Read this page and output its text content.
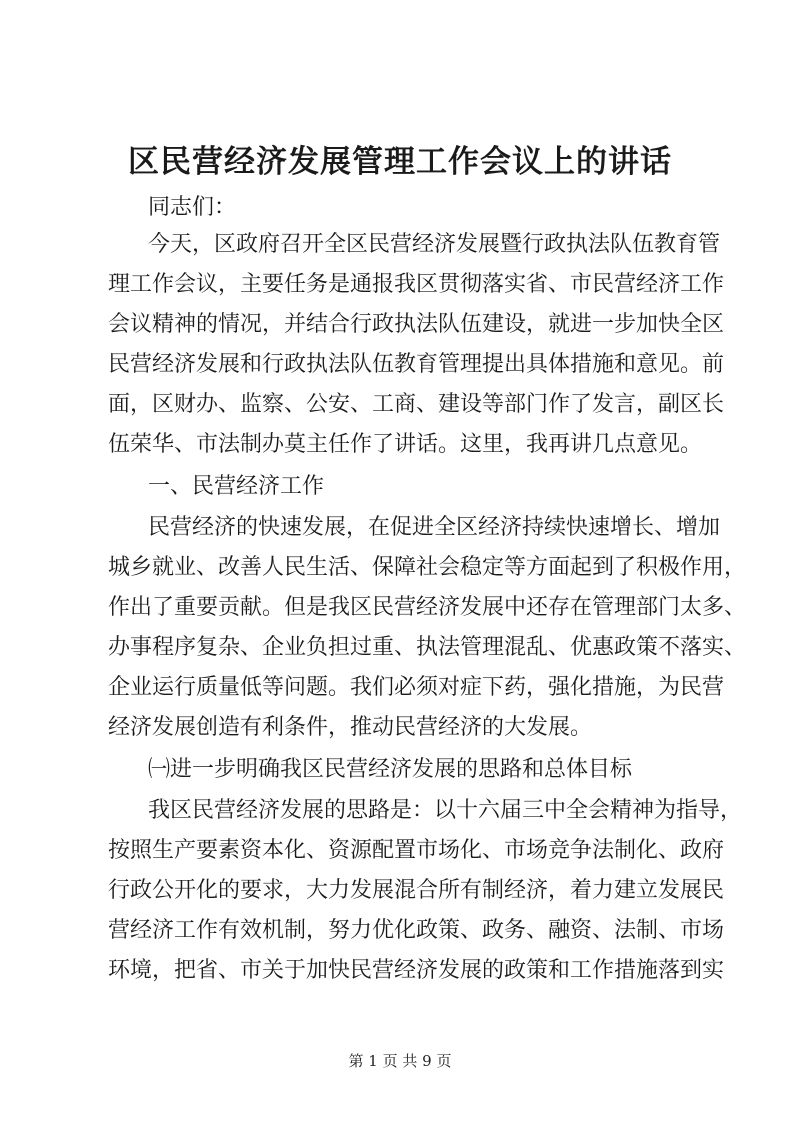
区民营经济发展管理工作会议上的讲话
同志们：
今天，区政府召开全区民营经济发展暨行政执法队伍教育管
理工作会议，主要任务是通报我区贯彻落实省、市民营经济工作
会议精神的情况，并结合行政执法队伍建设，就进一步加快全区
民营经济发展和行政执法队伍教育管理提出具体措施和意见。前
面，区财办、监察、公安、工商、建设等部门作了发言，副区长
伍荣华、市法制办莫主任作了讲话。这里，我再讲几点意见。
一、民营经济工作
民营经济的快速发展，在促进全区经济持续快速增长、增加
城乡就业、改善人民生活、保障社会稳定等方面起到了积极作用，
作出了重要贡献。但是我区民营经济发展中还存在管理部门太多、
办事程序复杂、企业负担过重、执法管理混乱、优惠政策不落实、
企业运行质量低等问题。我们必须对症下药，强化措施，为民营
经济发展创造有利条件，推动民营经济的大发展。
㈠进一步明确我区民营经济发展的思路和总体目标
我区民营经济发展的思路是：以十六届三中全会精神为指导，
按照生产要素资本化、资源配置市场化、市场竞争法制化、政府
行政公开化的要求，大力发展混合所有制经济，着力建立发展民
营经济工作有效机制，努力优化政策、政务、融资、法制、市场
环境，把省、市关于加快民营经济发展的政策和工作措施落到实
第 1 页 共 9 页
